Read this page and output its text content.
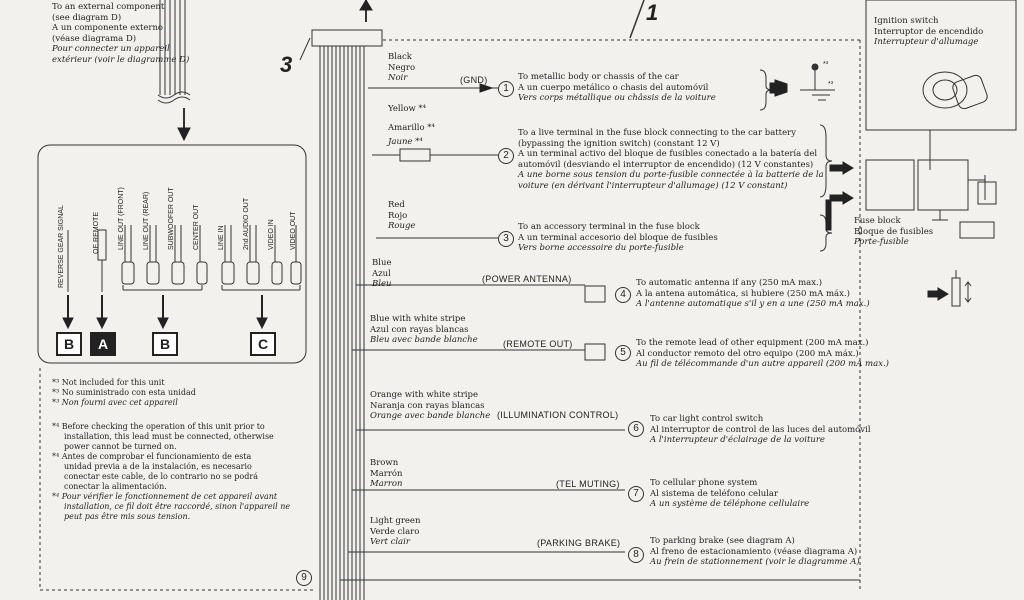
To an external component
(see diagram D)
A un componente externo
(véase diagrama D)
Pour connecter un appareil
extérieur (voir le diagramme D)	3
1	Ignition switch
Interruptor de encendido
Interrupteur d'allumage
Fuse block
Bloque de fusibles
Porte-fusible
*³
*³
REVERSE GEAR SIGNAL	OE REMOTE	LINE OUT (FRONT)	LINE OUT (REAR)	SUBWOOFER OUT	CENTER OUT	LINE IN	2nd AUDIO OUT	VIDEO IN VIDEO OUT
B	A	B	C
*³ Not included for this unit
*³ No suministrado con esta unidad
*³ Non fourni avec cet appareil
*⁴ Before checking the operation of this unit prior to
installation, this lead must be connected, otherwise
power cannot be turned on.
*⁴ Antes de comprobar el funcionamiento de esta
unidad previa a de la instalación, es necesario
conectar este cable, de lo contrario no se podrá
conectar la alimentación.
*⁴ Pour vérifier le fonctionnement de cet appareil avant
installation, ce fil doit être raccordé, sinon l'appareil ne
peut pas être mis sous tension.
9
Black
Negro
Noir	(GND)
1
To metallic body or chassis of the car
A un cuerpo metálico o chasis del automóvil
Vers corps métallique ou châssis de la voiture
Yellow *⁴
Amarillo *⁴
Jaune *⁴
2
To a live terminal in the fuse block connecting to the car battery
(bypassing the ignition switch) (constant 12 V)
A un terminal activo del bloque de fusibles conectado a la batería del
automóvil (desviando el interruptor de encendido) (12 V constantes)
A une borne sous tension du porte-fusible connectée à la batterie de la
voiture (en dérivant l'interrupteur d'allumage) (12 V constant)
Red
Rojo
Rouge
3
To an accessory terminal in the fuse block
A un terminal accesorio del bloque de fusibles
Vers borne accessoire du porte-fusible
Blue
Azul
Bleu	(POWER ANTENNA)
4
To automatic antenna if any (250 mA max.)
A la antena automática, si hubiere (250 mA máx.)
A l'antenne automatique s'il y en a une (250 mA max.)
Blue with white stripe
Azul con rayas blancas
Bleu avec bande blanche	(REMOTE OUT)
5
To the remote lead of other equipment (200 mA max.)
Al conductor remoto del otro equipo (200 mA máx.)
Au fil de télécommande d'un autre appareil (200 mA max.)
Orange with white stripe
Naranja con rayas blancas
Orange avec bande blanche (ILLUMINATION CONTROL)
6
To car light control switch
Al interruptor de control de las luces del automóvil
A l'interrupteur d'éclairage de la voiture
Brown
Marrón
Marron	(TEL MUTING)
7
To cellular phone system
Al sistema de teléfono celular
A un système de téléphone cellulaire
Light green
Verde claro
Vert clair	(PARKING BRAKE)
8
To parking brake (see diagram A)
Al freno de estacionamiento (véase diagrama A)
Au frein de stationnement (voir le diagramme A)
